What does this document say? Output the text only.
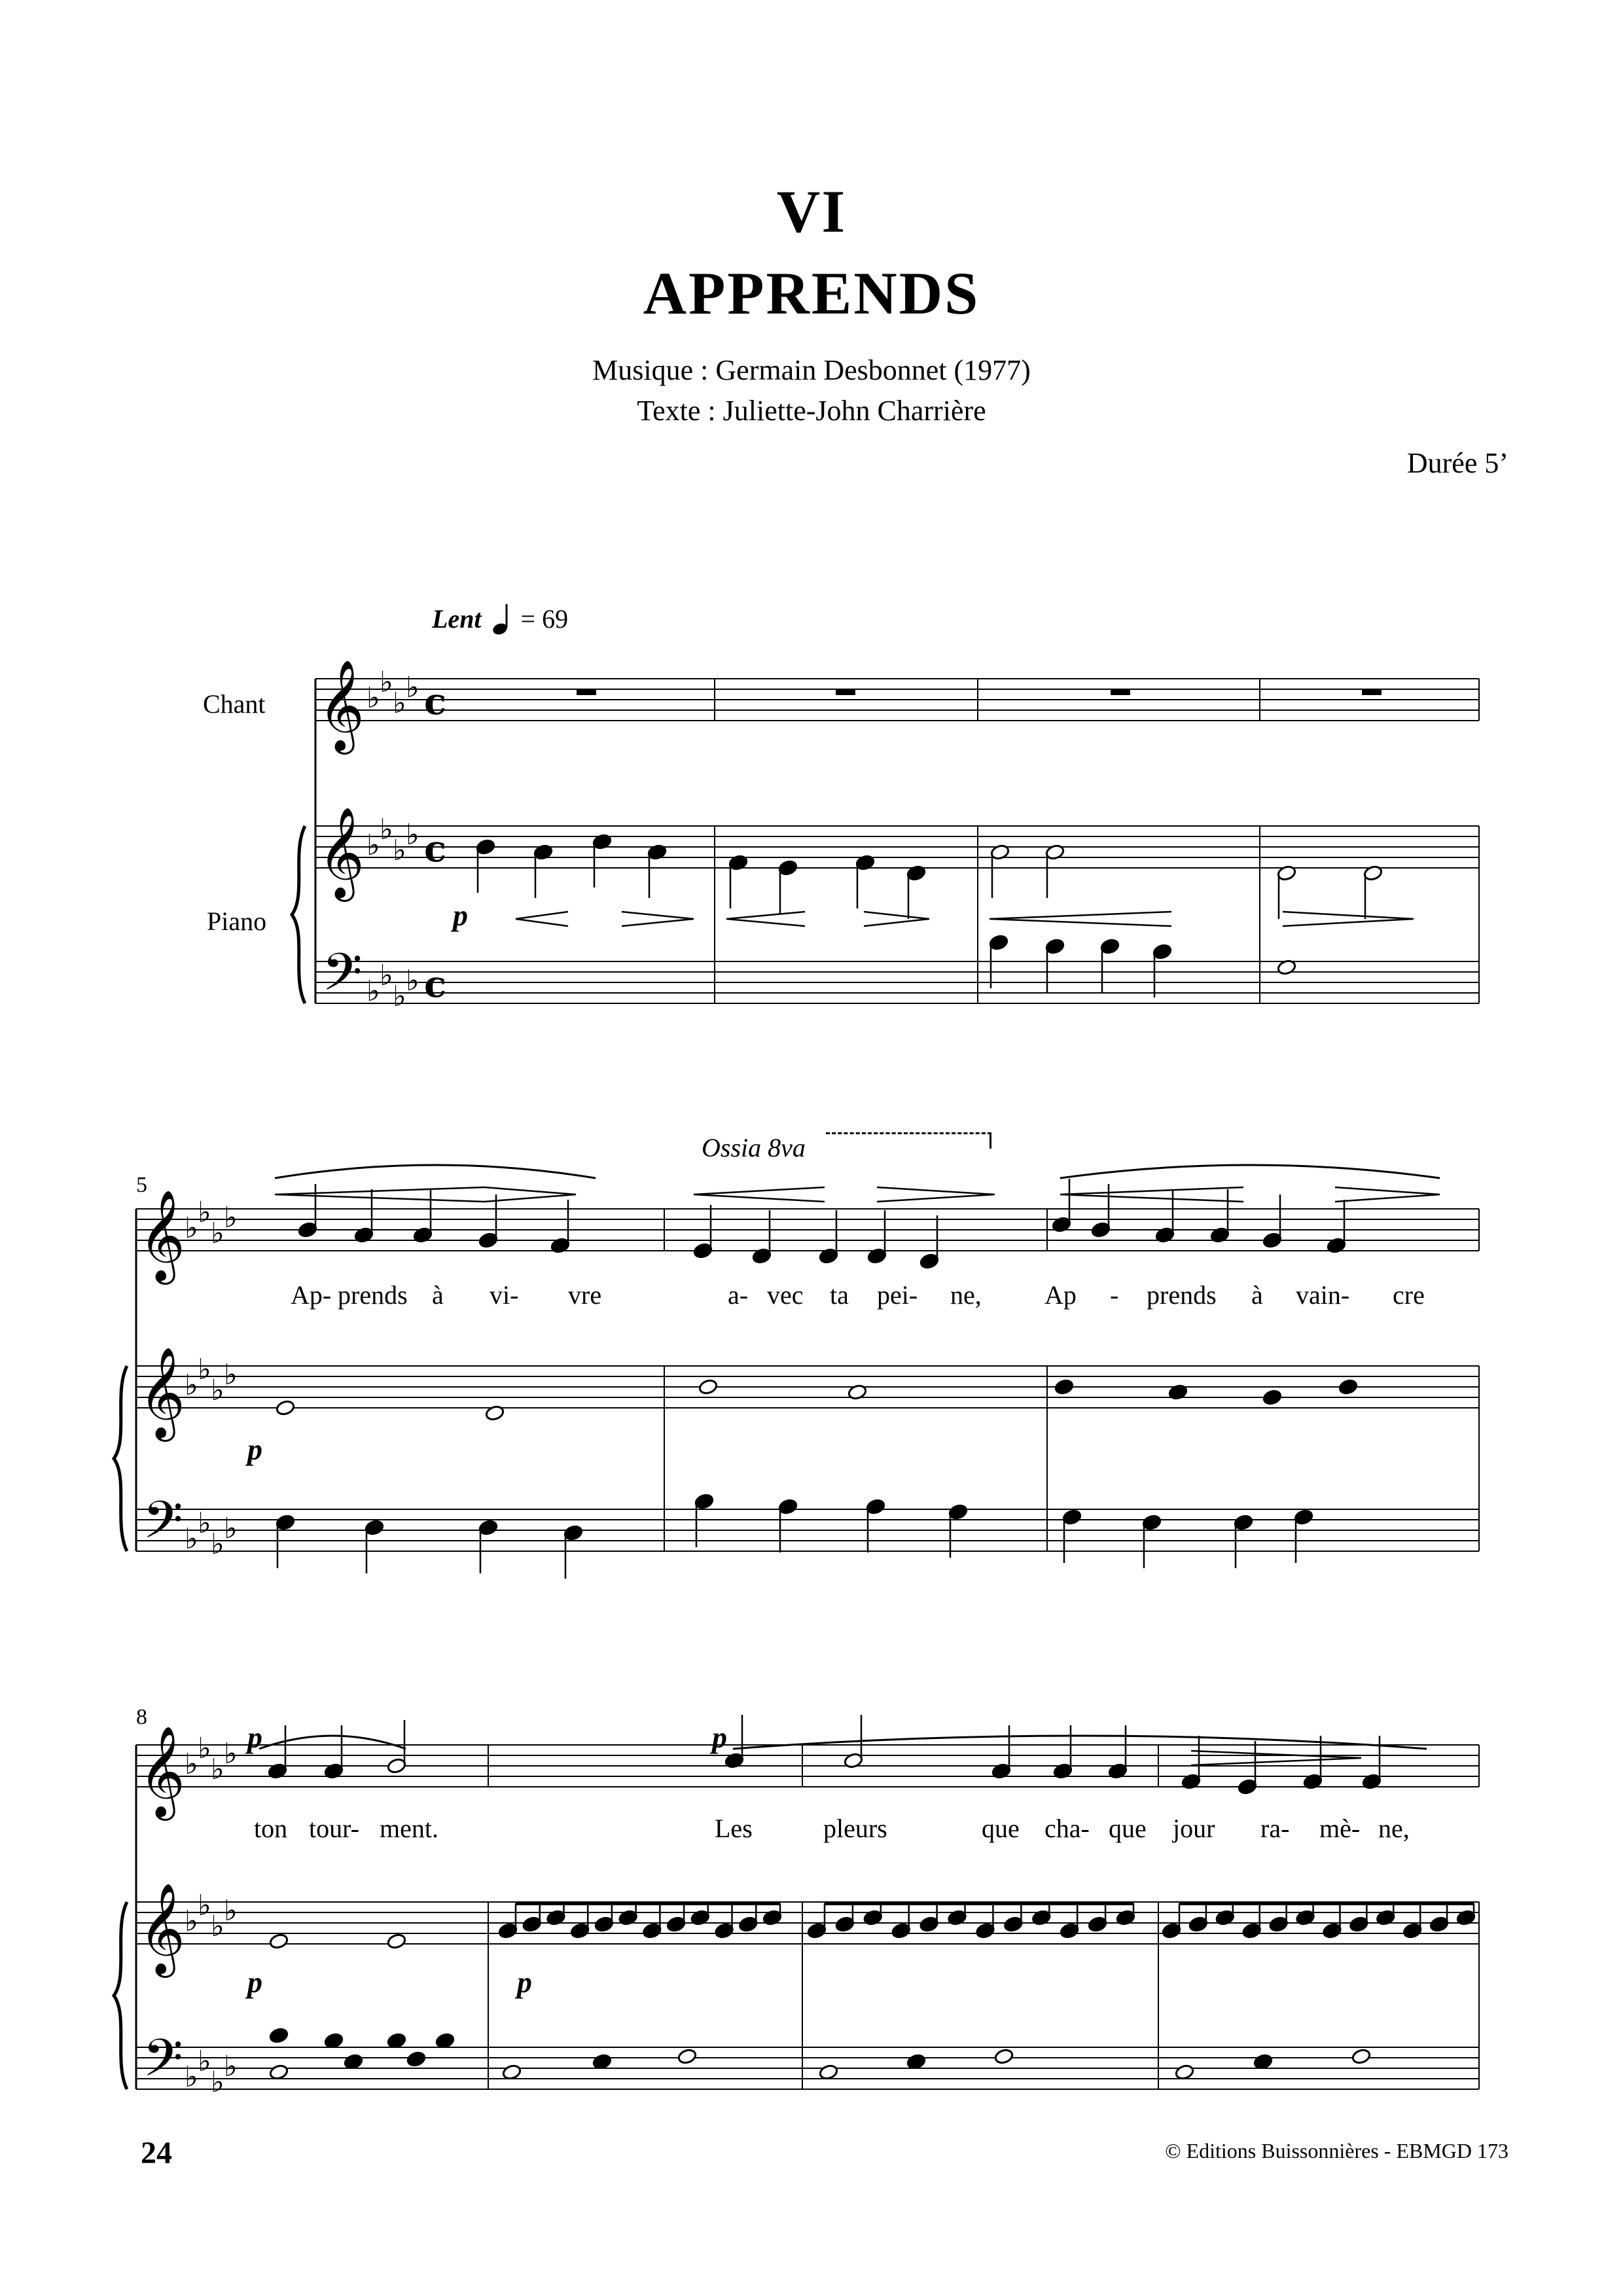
VI
APPRENDS
Musique : Germain Desbonnet (1977)
Texte : Juliette-John Charrière
Durée 5’
Lent = 69
Chant
Piano
𝄞
𝄞
𝄢
♭ ♭
♭ ♭
♭ ♭
♭ ♭
♭ ♭
♭ ♭
c
c
c
𝄞
𝄞
𝄢
♭ ♭
♭ ♭
♭ ♭
♭ ♭
♭ ♭
♭ ♭
𝄞
𝄞
𝄢
♭ ♭
♭ ♭
♭ ♭
♭ ♭
♭ ♭
♭ ♭
Ossia 8va
5
8
p
p
p	p
p	p
Ap- prends à vi- vre	a- vec ta pei- ne, Ap - prends à vain- cre
ton tour- ment.	Les	pleurs	que cha- que jour ra- mè- ne,
24	© Editions Buissonnières - EBMGD 173
